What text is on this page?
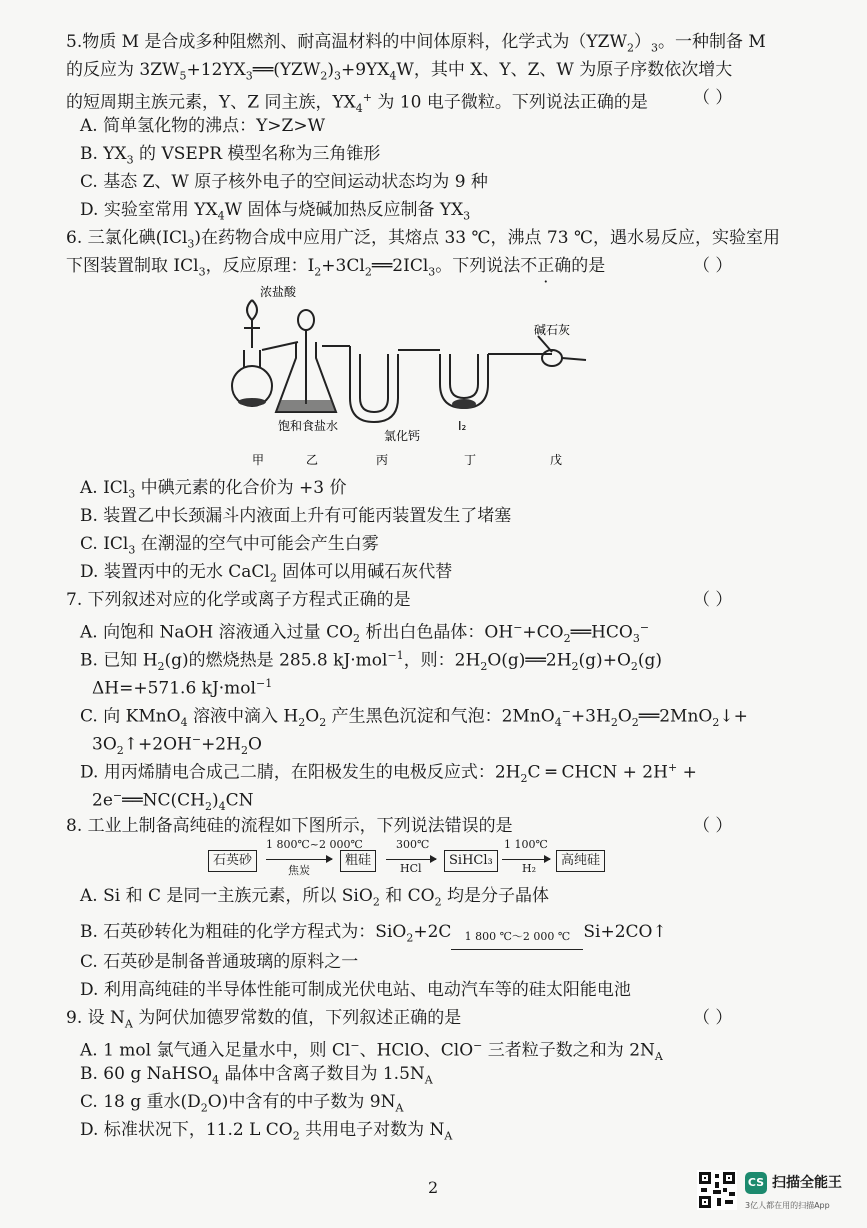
5.物质 M 是合成多种阻燃剂、耐高温材料的中间体原料，化学式为$(YZW_2)_3$。一种制备 M
的反应为 $3ZW_5+12YX_3══(YZW_2)_3+9YX_4W$，其中 X、Y、Z、W 为原子序数依次增大
的短周期主族元素，Y、Z 同主族，$YX_4^+$ 为 10 电子微粒。下列说法正确的是	（ ）
A. 简单氢化物的沸点：Y>Z>W
B. $YX_3$ 的 VSEPR 模型名称为三角锥形
C. 基态 Z、W 原子核外电子的空间运动状态均为 9 种
D. 实验室常用 $YX_4W$ 固体与烧碱加热反应制备 $YX_3$
6. 三氯化碘(ICl$_3$)在药物合成中应用广泛，其熔点 33 ℃，沸点 73 ℃，遇水易反应，实验室用
下图装置制取 ICl$_3$，反应原理：$I_2+3Cl_2══2ICl_3$。下列说法不正确的是	（ ）
浓盐酸
碱石灰
饱和食盐水
氯化钙
I₂
甲	乙	丙	丁	戊
A. ICl$_3$ 中碘元素的化合价为 +3 价
B. 装置乙中长颈漏斗内液面上升有可能丙装置发生了堵塞
C. ICl$_3$ 在潮湿的空气中可能会产生白雾
D. 装置丙中的无水 CaCl$_2$ 固体可以用碱石灰代替
7. 下列叙述对应的化学或离子方程式正确的是	（ ）
A. 向饱和 NaOH 溶液通入过量 $CO_2$ 析出白色晶体：$OH^-+CO_2══HCO_3^-$
B. 已知 $H_2(g)$的燃烧热是 285.8 kJ·mol$^{-1}$，则：$2H_2O(g)══2H_2(g)+O_2(g)$
ΔH=+571.6 kJ·mol$^{-1}$
C. 向 KMnO$_4$ 溶液中滴入 $H_2O_2$ 产生黑色沉淀和气泡：$2MnO_4^-+3H_2O_2══2MnO_2↓+$
$3O_2↑+2OH^-+2H_2O$
D. 用丙烯腈电合成己二腈，在阳极发生的电极反应式：$2H_2C$ ═ CHCN + 2H+ +
$2e^-══NC(CH_2)_4CN$
8. 工业上制备高纯硅的流程如下图所示，下列说法错误的是	（ ）
石英砂
1 800℃~2 000℃
焦炭
粗硅
300℃
HCl
SiHCl₃
1 100℃
H₂
高纯硅
A. Si 和 C 是同一主族元素，所以 SiO$_2$ 和 $CO_2$ 均是分子晶体
B. 石英砂转化为粗硅的化学方程式为：SiO$_2$+2C	1 800 ℃～2 000 ℃ Si+2CO↑
C. 石英砂是制备普通玻璃的原料之一
D. 利用高纯硅的半导体性能可制成光伏电站、电动汽车等的硅太阳能电池
9. 设 $N_A$ 为阿伏加德罗常数的值，下列叙述正确的是	（ ）
A. 1 mol 氯气通入足量水中，则 Cl−、HClO、ClO− 三者粒子数之和为 $2N_A$
B. 60 g NaHSO$_4$ 晶体中含离子数目为 $1.5N_A$
C. 18 g 重水$(D_2O)$中含有的中子数为 $9N_A$
D. 标准状况下，11.2 L $CO_2$ 共用电子对数为 $N_A$
2	CS 扫描全能王
3亿人都在用的扫描App
